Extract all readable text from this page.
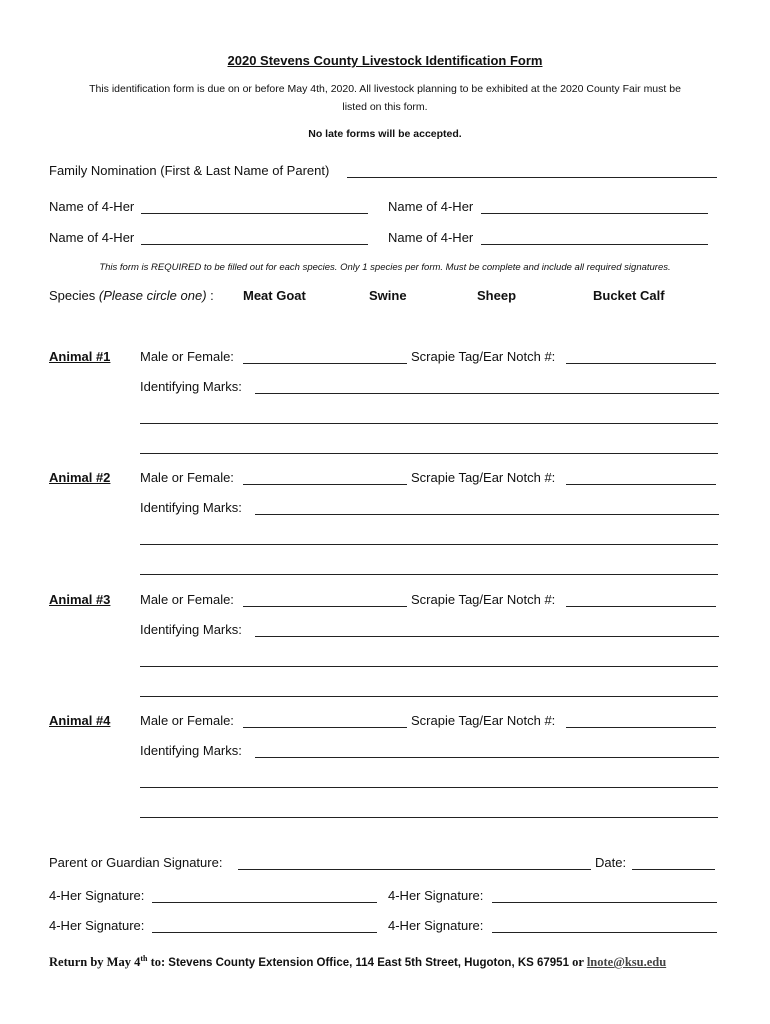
2020 Stevens County Livestock Identification Form
This identification form is due on or before May 4th, 2020. All livestock planning to be exhibited at the 2020 County Fair must be
listed on this form.
No late forms will be accepted.
Family Nomination (First & Last Name of Parent)
Name of 4-Her	Name of 4-Her
Name of 4-Her	Name of 4-Her
This form is REQUIRED to be filled out for each species. Only 1 species per form. Must be complete and include all required signatures.
Species (Please circle one) : Meat Goat	Swine	Sheep	Bucket Calf
Animal #1 Male or Female:	Scrapie Tag/Ear Notch #:
Identifying Marks:
Animal #2 Male or Female:	Scrapie Tag/Ear Notch #:
Identifying Marks:
Animal #3 Male or Female:	Scrapie Tag/Ear Notch #:
Identifying Marks:
Animal #4 Male or Female:	Scrapie Tag/Ear Notch #:
Identifying Marks:
Parent or Guardian Signature:	Date:
4-Her Signature:	4-Her Signature:
4-Her Signature:	4-Her Signature:
Return by May 4th to: Stevens County Extension Office, 114 East 5th Street, Hugoton, KS 67951 or lnote@ksu.edu
